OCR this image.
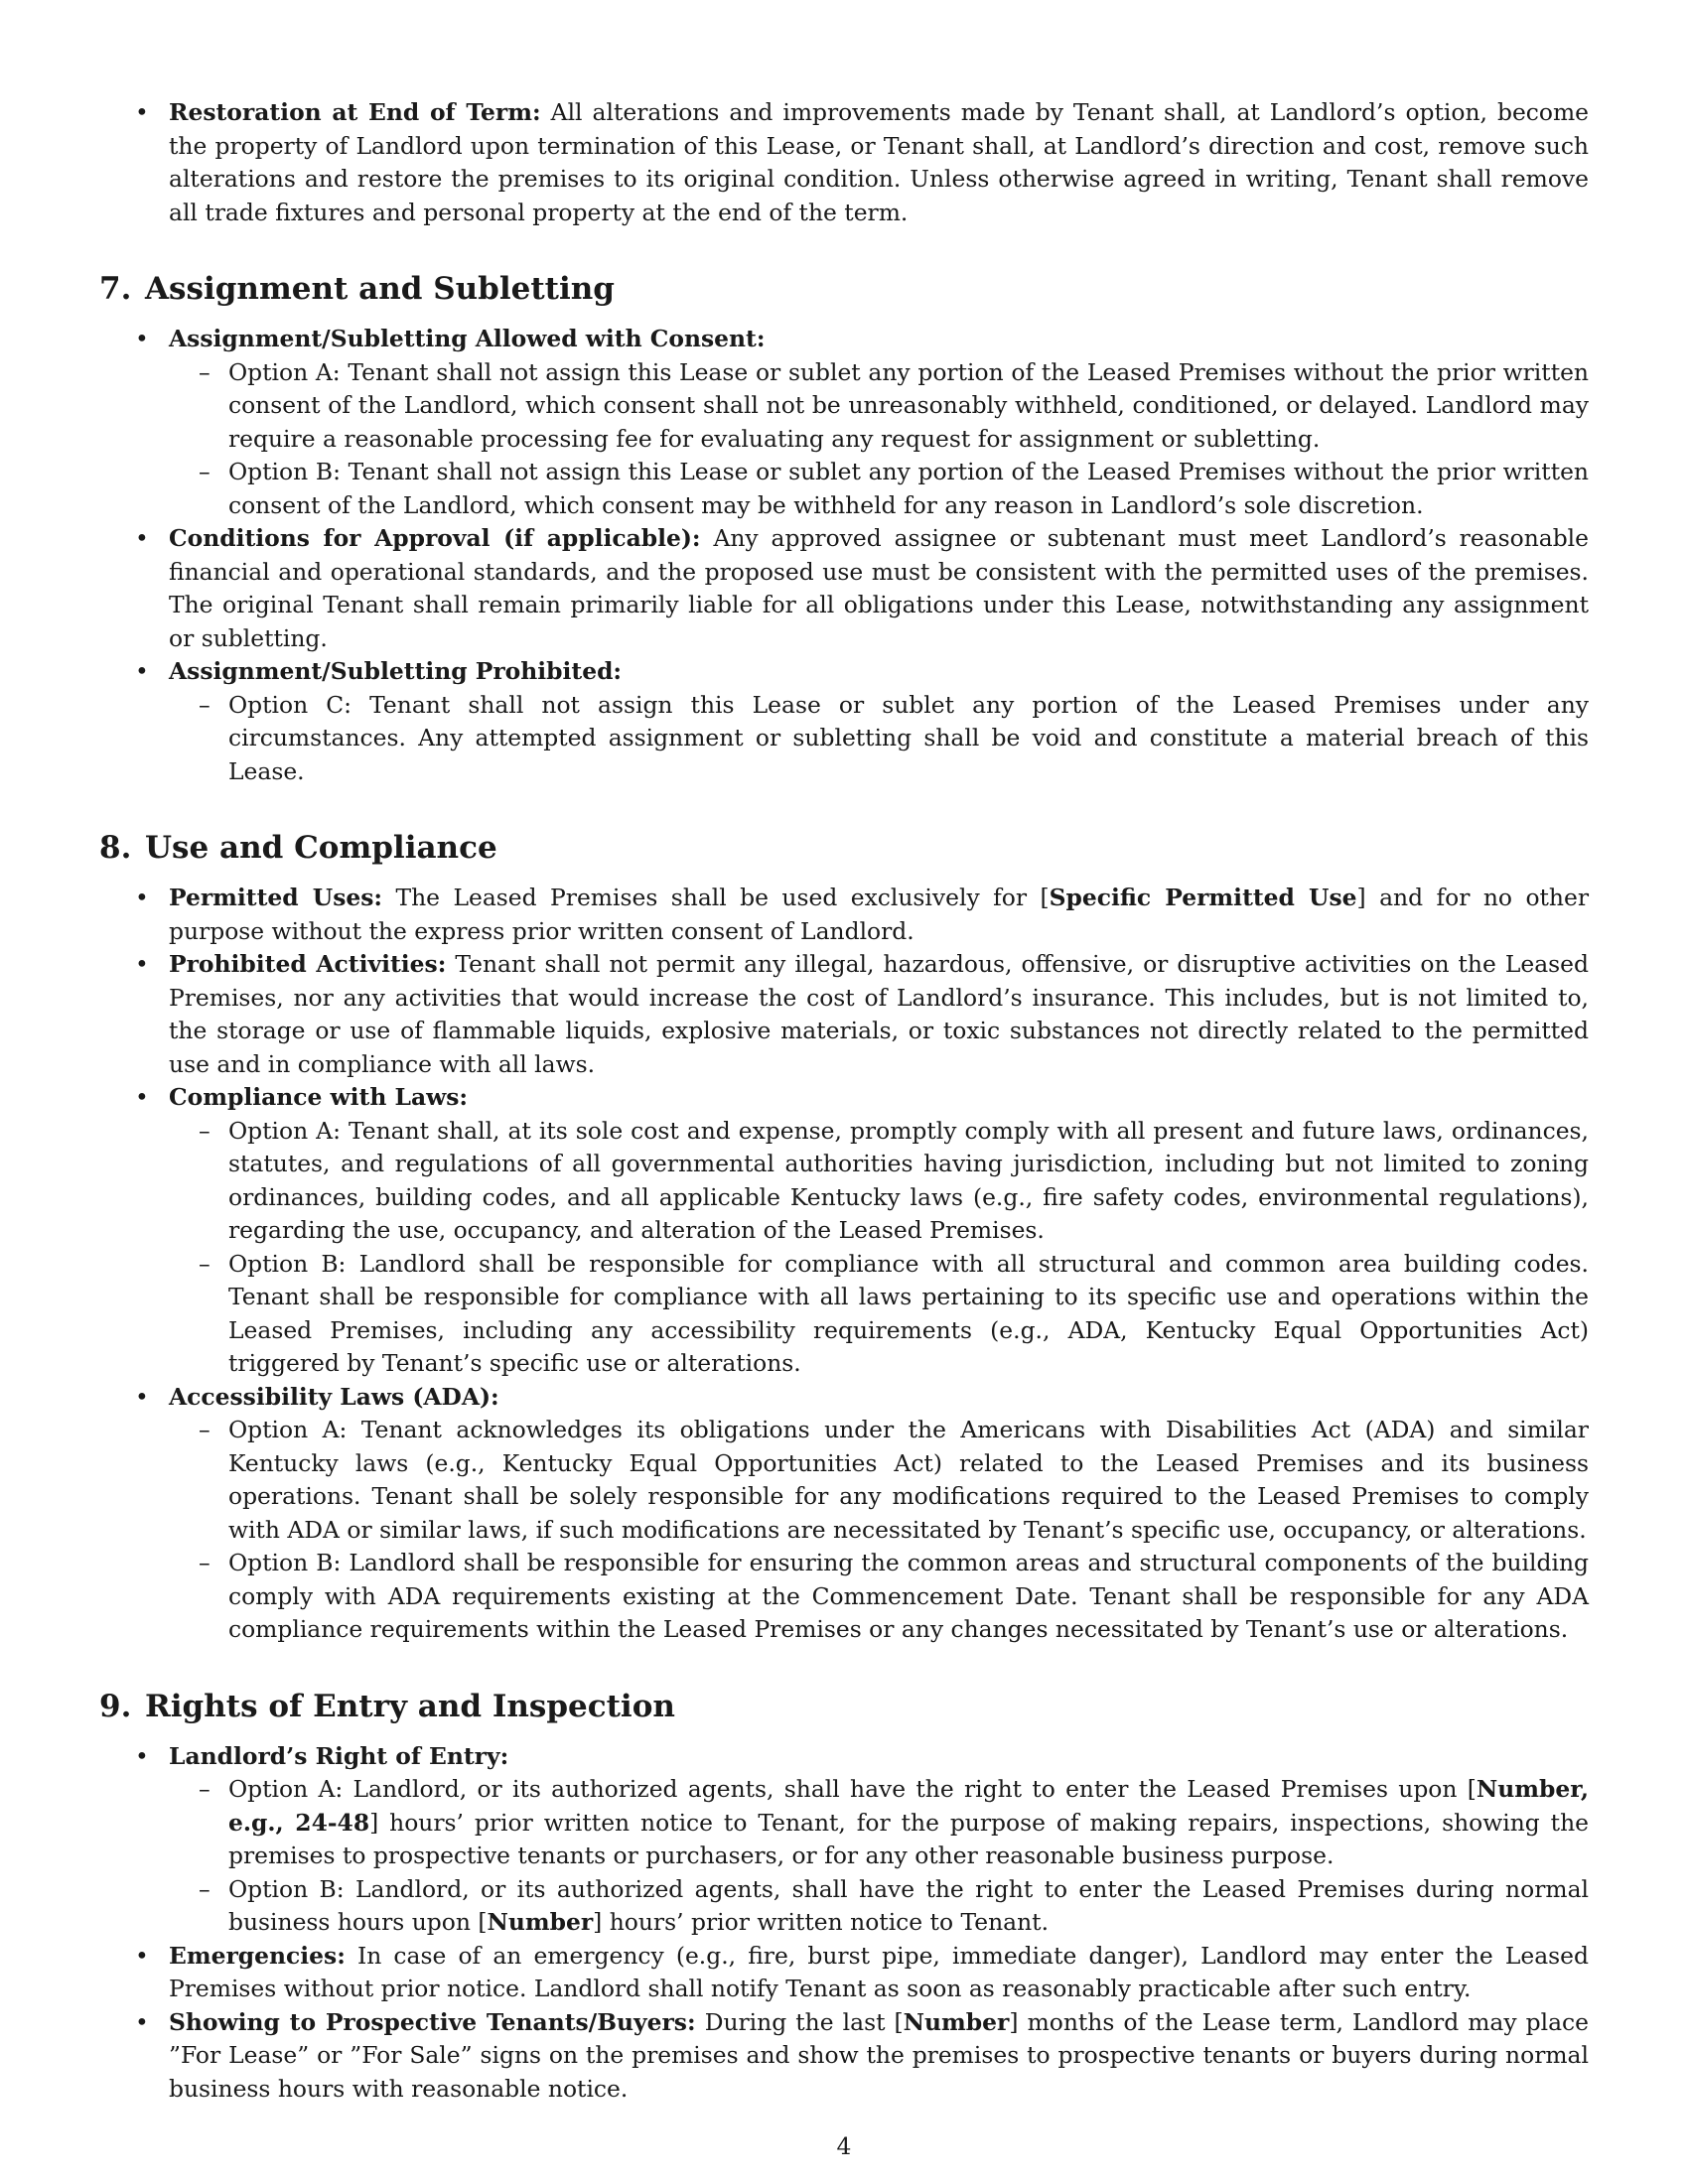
• Restoration at End of Term: All alterations and improvements made by Tenant shall, at Landlord’s option, become the property of Landlord upon termination of this Lease, or Tenant shall, at Landlord’s direction and cost, remove such alterations and restore the premises to its original condition. Unless otherwise agreed in writing, Tenant shall remove all trade fixtures and personal property at the end of the term.
7. Assignment and Subletting
• Assignment/Subletting Allowed with Consent:
– Option A: Tenant shall not assign this Lease or sublet any portion of the Leased Premises without the prior written consent of the Landlord, which consent shall not be unreasonably withheld, conditioned, or delayed. Landlord may require a reasonable processing fee for evaluating any request for assignment or subletting.
– Option B: Tenant shall not assign this Lease or sublet any portion of the Leased Premises without the prior written consent of the Landlord, which consent may be withheld for any reason in Landlord’s sole discretion.
• Conditions for Approval (if applicable): Any approved assignee or subtenant must meet Landlord’s reasonable financial and operational standards, and the proposed use must be consistent with the permitted uses of the premises. The original Tenant shall remain primarily liable for all obligations under this Lease, notwithstanding any assignment or subletting.
• Assignment/Subletting Prohibited:
– Option C: Tenant shall not assign this Lease or sublet any portion of the Leased Premises under any circumstances. Any attempted assignment or subletting shall be void and constitute a material breach of this Lease.
8. Use and Compliance
• Permitted Uses: The Leased Premises shall be used exclusively for [Specific Permitted Use] and for no other purpose without the express prior written consent of Landlord.
• Prohibited Activities: Tenant shall not permit any illegal, hazardous, offensive, or disruptive activities on the Leased Premises, nor any activities that would increase the cost of Landlord’s insurance. This includes, but is not limited to, the storage or use of flammable liquids, explosive materials, or toxic substances not directly related to the permitted use and in compliance with all laws.
• Compliance with Laws:
– Option A: Tenant shall, at its sole cost and expense, promptly comply with all present and future laws, ordinances, statutes, and regulations of all governmental authorities having jurisdiction, including but not limited to zoning ordinances, building codes, and all applicable Kentucky laws (e.g., fire safety codes, environmental regulations), regarding the use, occupancy, and alteration of the Leased Premises.
– Option B: Landlord shall be responsible for compliance with all structural and common area building codes. Tenant shall be responsible for compliance with all laws pertaining to its specific use and operations within the Leased Premises, including any accessibility requirements (e.g., ADA, Kentucky Equal Opportunities Act) triggered by Tenant’s specific use or alterations.
• Accessibility Laws (ADA):
– Option A: Tenant acknowledges its obligations under the Americans with Disabilities Act (ADA) and similar Kentucky laws (e.g., Kentucky Equal Opportunities Act) related to the Leased Premises and its business operations. Tenant shall be solely responsible for any modifications required to the Leased Premises to comply with ADA or similar laws, if such modifications are necessitated by Tenant’s specific use, occupancy, or alterations.
– Option B: Landlord shall be responsible for ensuring the common areas and structural components of the building comply with ADA requirements existing at the Commencement Date. Tenant shall be responsible for any ADA compliance requirements within the Leased Premises or any changes necessitated by Tenant’s use or alterations.
9. Rights of Entry and Inspection
• Landlord’s Right of Entry:
– Option A: Landlord, or its authorized agents, shall have the right to enter the Leased Premises upon [Number, e.g., 24-48] hours’ prior written notice to Tenant, for the purpose of making repairs, inspections, showing the premises to prospective tenants or purchasers, or for any other reasonable business purpose.
– Option B: Landlord, or its authorized agents, shall have the right to enter the Leased Premises during normal business hours upon [Number] hours’ prior written notice to Tenant.
• Emergencies: In case of an emergency (e.g., fire, burst pipe, immediate danger), Landlord may enter the Leased Premises without prior notice. Landlord shall notify Tenant as soon as reasonably practicable after such entry.
• Showing to Prospective Tenants/Buyers: During the last [Number] months of the Lease term, Landlord may place ”For Lease” or ”For Sale” signs on the premises and show the premises to prospective tenants or buyers during normal business hours with reasonable notice.
4
